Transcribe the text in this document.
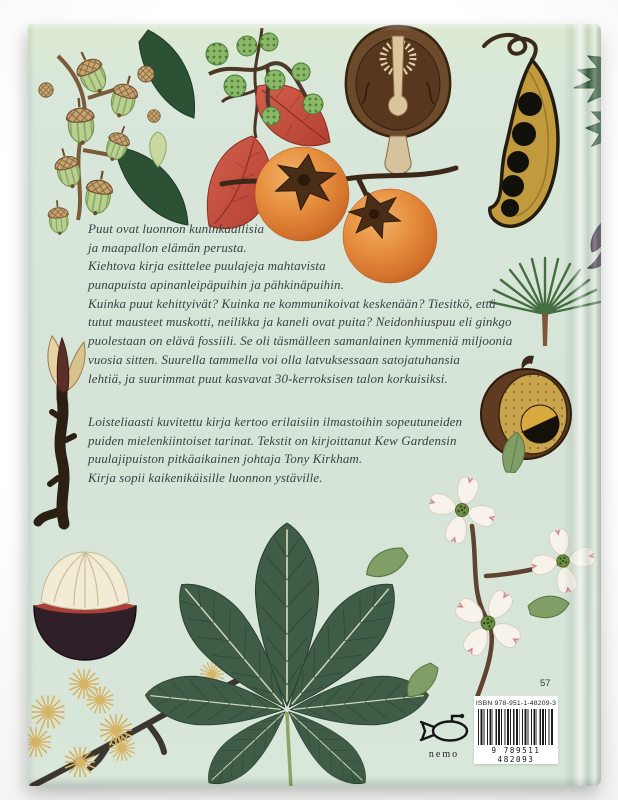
Puut ovat luonnon kuninkaallisia
ja maapallon elämän perusta.
Kiehtova kirja esittelee puulajeja mahtavista
punapuista apinanleipäpuihin ja pähkinäpuihin.
Kuinka puut kehittyivät? Kuinka ne kommunikoivat keskenään? Tiesitkö, että
tutut mausteet muskotti, neilikka ja kaneli ovat puita? Neidonhiuspuu eli ginkgo
puolestaan on elävä fossiili. Se oli täsmälleen samanlainen kymmeniä miljoonia
vuosia sitten. Suurella tammella voi olla latvuksessaan satojatuhansia
lehtiä, ja suurimmat puut kasvavat 30-kerroksisen talon korkuisiksi.
Loisteliaasti kuvitettu kirja kertoo erilaisiin ilmastoihin sopeutuneiden
puiden mielenkiintoiset tarinat. Tekstit on kirjoittanut Kew Gardensin
puulajipuiston pitkäaikainen johtaja Tony Kirkham.
Kirja sopii kaikenikäisille luonnon ystäville.
57
ISBN 978-951-1-48209-3
9 789511 482093
nemo
